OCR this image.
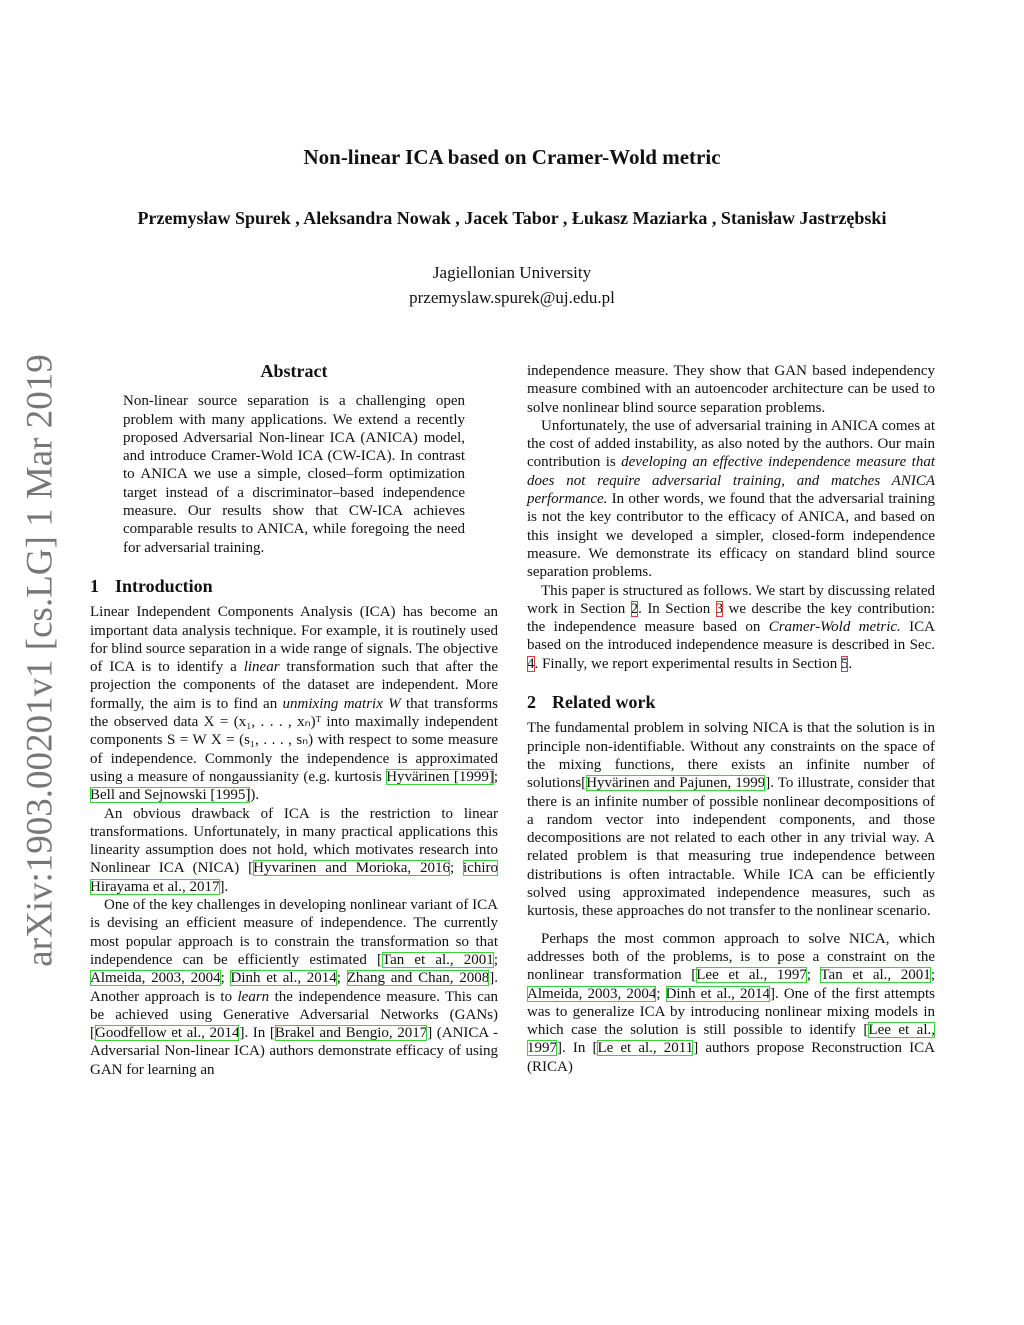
arXiv:1903.00201v1 [cs.LG] 1 Mar 2019
Non-linear ICA based on Cramer-Wold metric
Przemysław Spurek , Aleksandra Nowak , Jacek Tabor , Łukasz Maziarka , Stanisław Jastrzębski
Jagiellonian University
przemyslaw.spurek@uj.edu.pl
Abstract
Non-linear source separation is a challenging open problem with many applications. We extend a recently proposed Adversarial Non-linear ICA (ANICA) model, and introduce Cramer-Wold ICA (CW-ICA). In contrast to ANICA we use a simple, closed–form optimization target instead of a discriminator–based independence measure. Our results show that CW-ICA achieves comparable results to ANICA, while foregoing the need for adversarial training.
1 Introduction

Linear Independent Components Analysis (ICA) has become an important data analysis technique. For example, it is routinely used for blind source separation in a wide range of signals. The objective of ICA is to identify a linear transformation such that after the projection the components of the dataset are independent. More formally, the aim is to find an unmixing matrix W that transforms the observed data X = (x₁, . . . , xₙ)ᵀ into maximally independent components S = W X = (s₁, . . . , sₙ) with respect to some measure of independence. Commonly the independence is approximated using a measure of nongaussianity (e.g. kurtosis Hyvärinen [1999]; Bell and Sejnowski [1995]).

An obvious drawback of ICA is the restriction to linear transformations. Unfortunately, in many practical applications this linearity assumption does not hold, which motivates research into Nonlinear ICA (NICA) [Hyvarinen and Morioka, 2016; ichiro Hirayama et al., 2017].

One of the key challenges in developing nonlinear variant of ICA is devising an efficient measure of independence. The currently most popular approach is to constrain the transformation so that independence can be efficiently estimated [Tan et al., 2001; Almeida, 2003, 2004; Dinh et al., 2014; Zhang and Chan, 2008]. Another approach is to learn the independence measure. This can be achieved using Generative Adversarial Networks (GANs) [Goodfellow et al., 2014]. In [Brakel and Bengio, 2017] (ANICA - Adversarial Non-linear ICA) authors demonstrate efficacy of using GAN for learning an

independence measure. They show that GAN based independency measure combined with an autoencoder architecture can be used to solve nonlinear blind source separation problems.

Unfortunately, the use of adversarial training in ANICA comes at the cost of added instability, as also noted by the authors. Our main contribution is developing an effective independence measure that does not require adversarial training, and matches ANICA performance. In other words, we found that the adversarial training is not the key contributor to the efficacy of ANICA, and based on this insight we developed a simpler, closed-form independence measure. We demonstrate its efficacy on standard blind source separation problems.

This paper is structured as follows. We start by discussing related work in Section 2. In Section 3 we describe the key contribution: the independence measure based on Cramer-Wold metric. ICA based on the introduced independence measure is described in Sec. 4. Finally, we report experimental results in Section 5.

2 Related work

The fundamental problem in solving NICA is that the solution is in principle non-identifiable. Without any constraints on the space of the mixing functions, there exists an infinite number of solutions[Hyvärinen and Pajunen, 1999]. To illustrate, consider that there is an infinite number of possible nonlinear decompositions of a random vector into independent components, and those decompositions are not related to each other in any trivial way. A related problem is that measuring true independence between distributions is often intractable. While ICA can be efficiently solved using approximated independence measures, such as kurtosis, these approaches do not transfer to the nonlinear scenario.

Perhaps the most common approach to solve NICA, which addresses both of the problems, is to pose a constraint on the nonlinear transformation [Lee et al., 1997; Tan et al., 2001; Almeida, 2003, 2004; Dinh et al., 2014]. One of the first attempts was to generalize ICA by introducing nonlinear mixing models in which case the solution is still possible to identify [Lee et al., 1997]. In [Le et al., 2011] authors propose Reconstruction ICA (RICA)
